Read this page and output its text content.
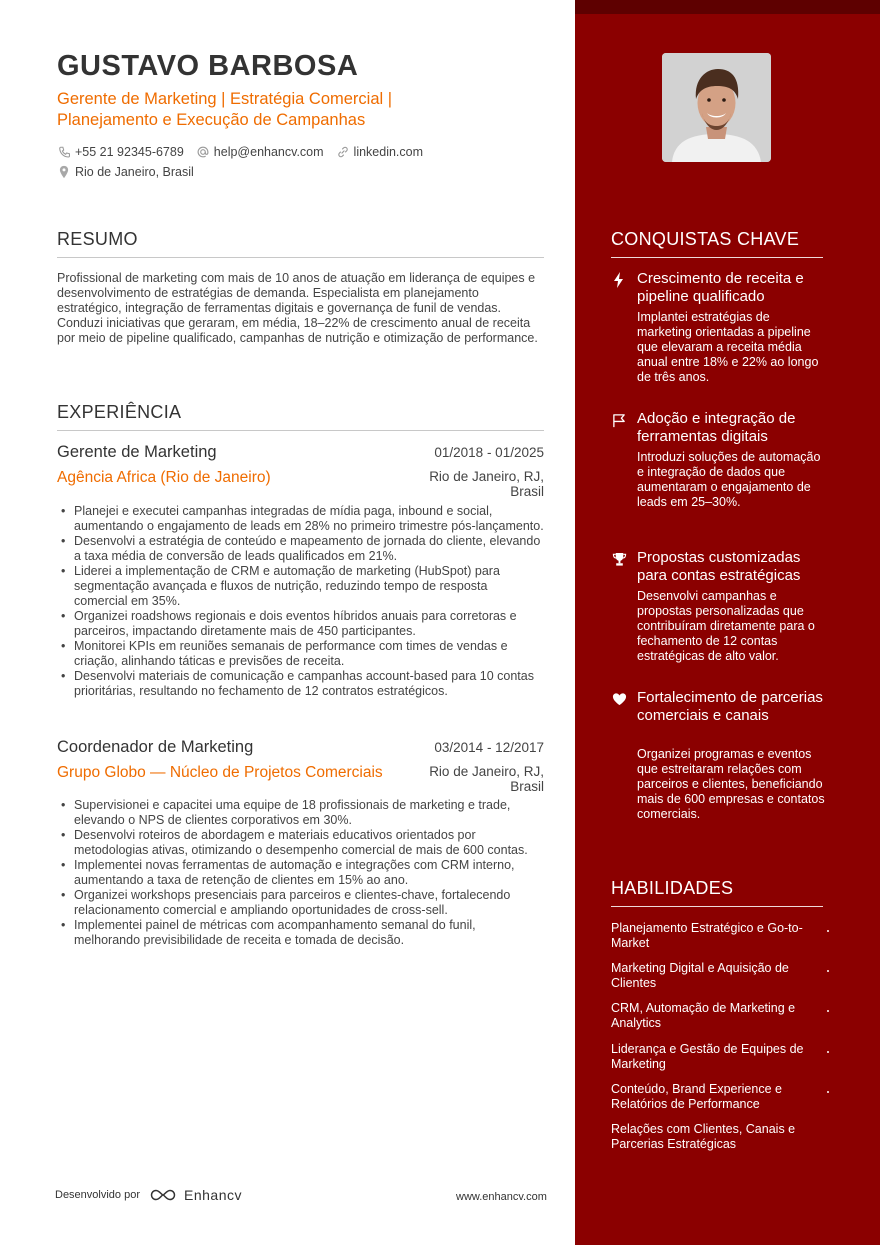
GUSTAVO BARBOSA
Gerente de Marketing | Estratégia Comercial |
Planejamento e Execução de Campanhas
+55 21 92345-6789 help@enhancv.com linkedin.com
Rio de Janeiro, Brasil
RESUMO
Profissional de marketing com mais de 10 anos de atuação em liderança de equipes e desenvolvimento de estratégias de demanda. Especialista em planejamento estratégico, integração de ferramentas digitais e governança de funil de vendas. Conduzi iniciativas que geraram, em média, 18–22% de crescimento anual de receita por meio de pipeline qualificado, campanhas de nutrição e otimização de performance.
EXPERIÊNCIA
Gerente de Marketing	01/2018 - 01/2025
Agência Africa (Rio de Janeiro)	Rio de Janeiro, RJ, Brasil
• Planejei e executei campanhas integradas de mídia paga, inbound e social, aumentando o engajamento de leads em 28% no primeiro trimestre pós-lançamento.
• Desenvolvi a estratégia de conteúdo e mapeamento de jornada do cliente, elevando a taxa média de conversão de leads qualificados em 21%.
• Liderei a implementação de CRM e automação de marketing (HubSpot) para segmentação avançada e fluxos de nutrição, reduzindo tempo de resposta comercial em 35%.
• Organizei roadshows regionais e dois eventos híbridos anuais para corretoras e parceiros, impactando diretamente mais de 450 participantes.
• Monitorei KPIs em reuniões semanais de performance com times de vendas e criação, alinhando táticas e previsões de receita.
• Desenvolvi materiais de comunicação e campanhas account-based para 10 contas prioritárias, resultando no fechamento de 12 contratos estratégicos.
Coordenador de Marketing	03/2014 - 12/2017
Grupo Globo — Núcleo de Projetos Comerciais	Rio de Janeiro, RJ, Brasil
• Supervisionei e capacitei uma equipe de 18 profissionais de marketing e trade, elevando o NPS de clientes corporativos em 30%.
• Desenvolvi roteiros de abordagem e materiais educativos orientados por metodologias ativas, otimizando o desempenho comercial de mais de 600 contas.
• Implementei novas ferramentas de automação e integrações com CRM interno, aumentando a taxa de retenção de clientes em 15% ao ano.
• Organizei workshops presenciais para parceiros e clientes-chave, fortalecendo relacionamento comercial e ampliando oportunidades de cross-sell.
• Implementei painel de métricas com acompanhamento semanal do funil, melhorando previsibilidade de receita e tomada de decisão.
Desenvolvido por	Enhancv	www.enhancv.com
CONQUISTAS CHAVE
Crescimento de receita e pipeline qualificado
Implantei estratégias de marketing orientadas a pipeline que elevaram a receita média anual entre 18% e 22% ao longo de três anos.
Adoção e integração de ferramentas digitais
Introduzi soluções de automação e integração de dados que aumentaram o engajamento de leads em 25–30%.
Propostas customizadas para contas estratégicas
Desenvolvi campanhas e propostas personalizadas que contribuíram diretamente para o fechamento de 12 contas estratégicas de alto valor.
Fortalecimento de parcerias comerciais e canais
Organizei programas e eventos que estreitaram relações com parceiros e clientes, beneficiando mais de 600 empresas e contatos comerciais.
HABILIDADES
Planejamento Estratégico e Go-to-Market
Marketing Digital e Aquisição de Clientes
CRM, Automação de Marketing e Analytics
Liderança e Gestão de Equipes de Marketing
Conteúdo, Brand Experience e Relatórios de Performance
Relações com Clientes, Canais e Parcerias Estratégicas
